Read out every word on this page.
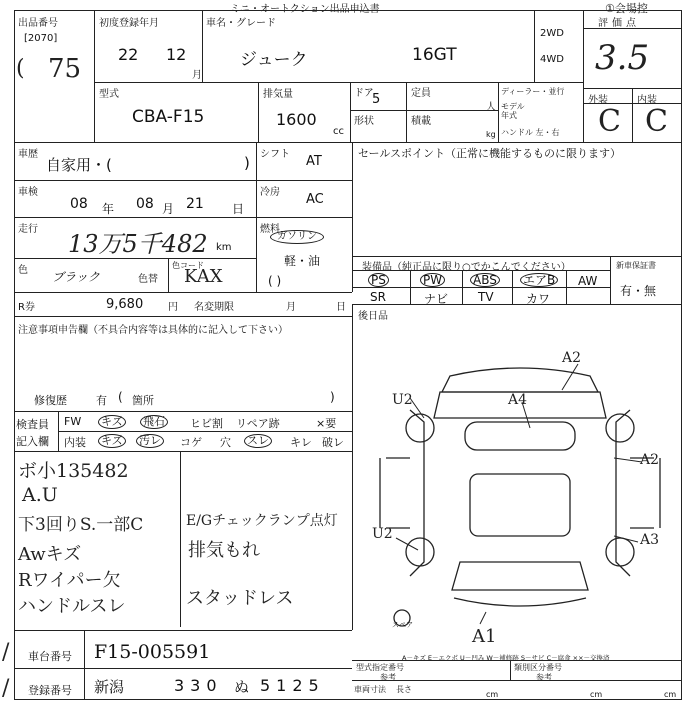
ミニ・オートクション出品申込書	①会場控
出品番号
[2070]
75
(
初度登録年月
22 12
月
車名・グレード
ジューク	16GT
2WD
4WD
評価点
3.5
外装	内装
C C
型式
CBA-F15
排気量
1600
cc
ドア
5	定員
人
形状	積載
kg
ディーラー・並行
モデル年式
ハンドル 左・右
車歴
自家用・(	) シフト AT
セールスポイント（正常に機能するものに限ります）
車検
08 年 08 月 21 日
冷房 AC
走行
13万5千482 km
燃料
ガソリン
軽・油
( )
色 ブラック	色替
色コード
KAX
R券	9,680 円 名変期限	月	日
装備品（純正品に限り○でかこんでください）	新車保証書
有・無
PS	PW	ABS エアB AW
SR	ナビ TV	カワ
後日品
注意事項申告欄（不具合内容等は具体的に記入して下さい）
修復歴	有 箇所
(	)
検査員
記入欄
FW キズ 飛石 ヒビ割 リペア跡	×要
内装 キズ 汚レ コゲ 穴 スレ キレ 破レ
ボ小135482
A.U
下3回りS.一部C
Awキズ
Rワイパー欠
ハンドルスレ
E/Gチェックランプ点灯
排気もれ
スタッドレス
A2
U2	A4
A2
U2	A3
A1
スペア
A－キズ E－エクボ U－凹み W－補修跡 S－サビ C－腐食 ××－交換済
車台番号 F15-005591
登録番号 新潟	330 ぬ 5125
/
/
型式指定番号
参考
類別区分番号
参考
車両寸法 長さ
cm	cm	cm
